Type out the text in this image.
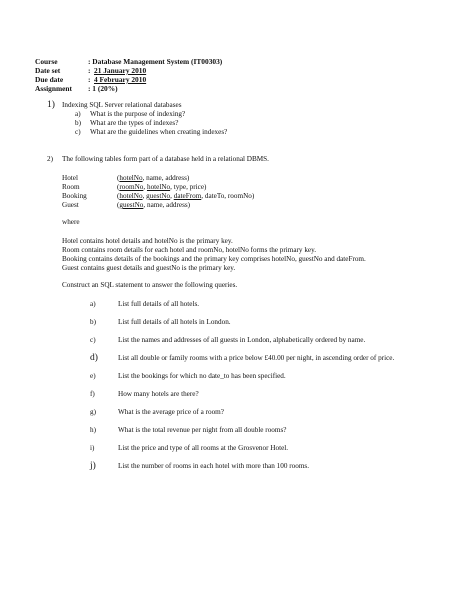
Course	: Database Management System (IT00303)
Date set	: 21 January 2010
Due date	: 4 February 2010
Assignment : 1 (20%)
1) Indexing SQL Server relational databases
a) What is the purpose of indexing?
b) What are the types of indexes?
c) What are the guidelines when creating indexes?
2) The following tables form part of a database held in a relational DBMS.
Hotel	(hotelNo, name, address)
Room	(roomNo, hotelNo, type, price)
Booking	(hotelNo, guestNo, dateFrom, dateTo, roomNo)
Guest	(guestNo, name, address)
where
Hotel contains hotel details and hotelNo is the primary key.
Room contains room details for each hotel and roomNo, hotelNo forms the primary key.
Booking contains details of the bookings and the primary key comprises hotelNo, guestNo and dateFrom.
Guest contains guest details and guestNo is the primary key.
Construct an SQL statement to answer the following queries.
a)	List full details of all hotels.
b)	List full details of all hotels in London.
c)	List the names and addresses of all guests in London, alphabetically ordered by name.
d)	List all double or family rooms with a price below £40.00 per night, in ascending order of price.
e)	List the bookings for which no date_to has been specified.
f)	How many hotels are there?
g)	What is the average price of a room?
h)	What is the total revenue per night from all double rooms?
i)	List the price and type of all rooms at the Grosvenor Hotel.
j)	List the number of rooms in each hotel with more than 100 rooms.
